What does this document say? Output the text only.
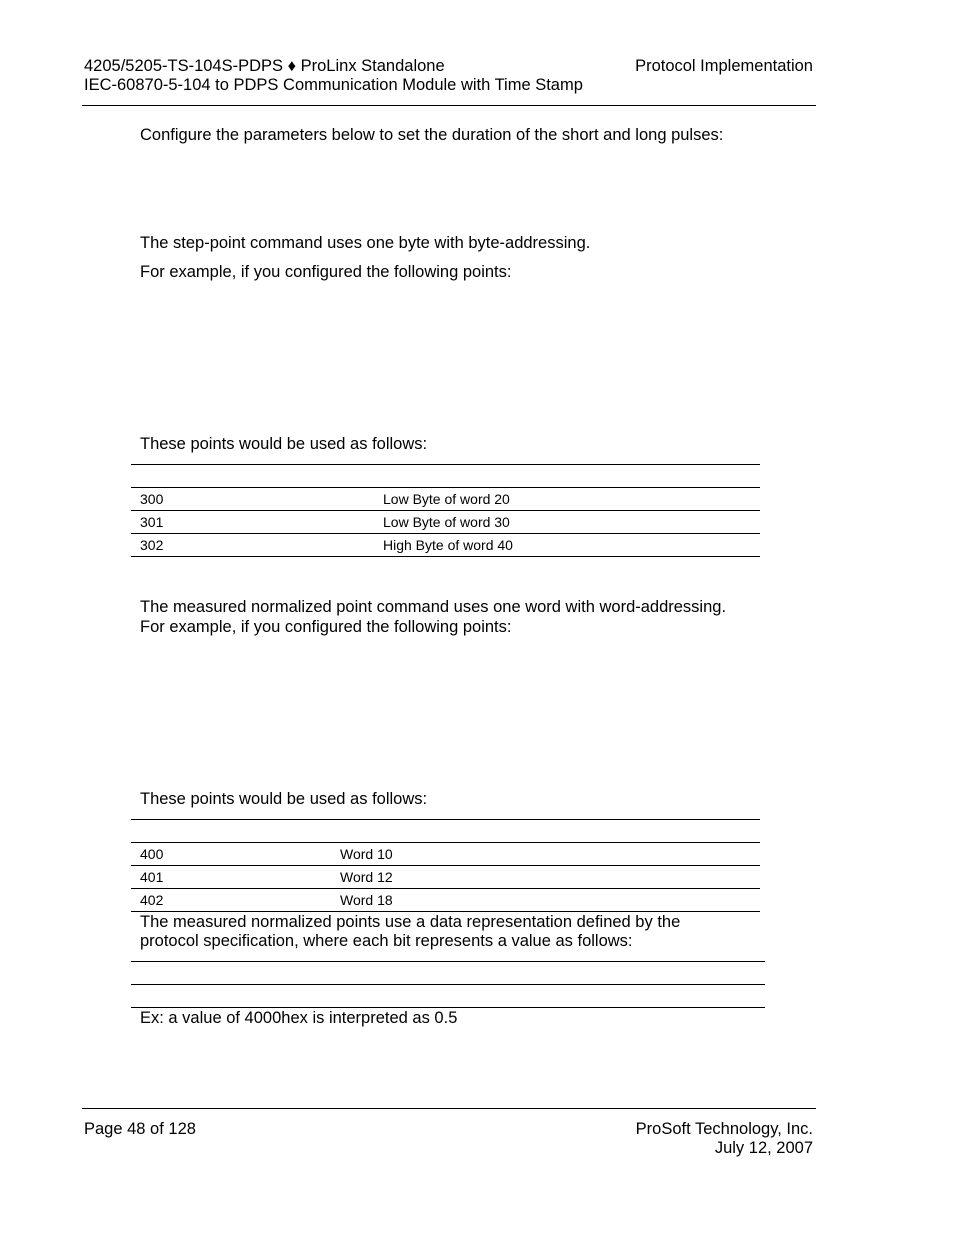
4205/5205-TS-104S-PDPS ♦ ProLinx Standalone
IEC-60870-5-104 to PDPS Communication Module with Time Stamp
Protocol Implementation
Configure the parameters below to set the duration of the short and long pulses:
The step-point command uses one byte with byte-addressing.
For example, if you configured the following points:
These points would be used as follows:
300	Low Byte of word 20
301	Low Byte of word 30
302	High Byte of word 40
The measured normalized point command uses one word with word-addressing.
For example, if you configured the following points:
These points would be used as follows:
400	Word 10
401	Word 12
402	Word 18
The measured normalized points use a data representation defined by the
protocol specification, where each bit represents a value as follows:
Ex: a value of 4000hex is interpreted as 0.5
Page 48 of 128	ProSoft Technology, Inc.
July 12, 2007
